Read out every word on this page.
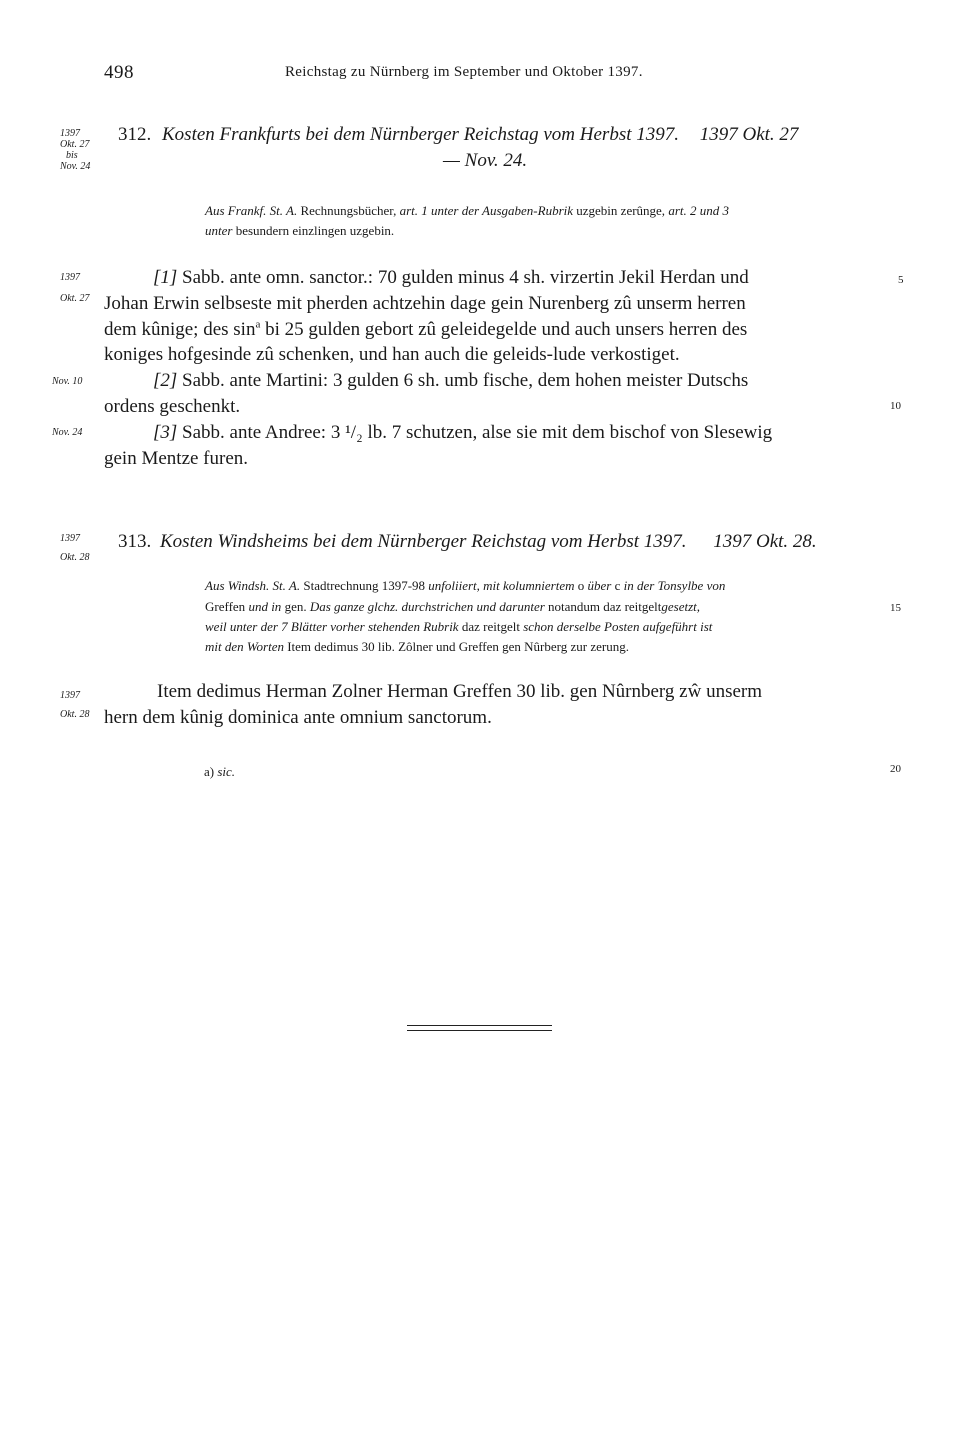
498	Reichstag zu Nürnberg im September und Oktober 1397.
1397
Okt. 27
bis
Nov. 24
312. Kosten Frankfurts bei dem Nürnberger Reichstag vom Herbst 1397. 1397 Okt. 27
— Nov. 24.
Aus Frankf. St. A. Rechnungsbücher, art. 1 unter der Ausgaben-Rubrik uzgebin zerûnge, art. 2 und 3
unter besundern einzlingen uzgebin.
1397
Okt. 27
[1] Sabb. ante omn. sanctor.: 70 gulden minus 4 sh. virzertin Jekil Herdan und
Johan Erwin selbseste mit pherden achtzehin dage gein Nurenberg zû unserm herren
dem kûnige; des $\sin^a$ bi 25 gulden gebort zû geleidegelde und auch unsers herren des
koniges hofgesinde zû schenken, und han auch die geleids-lude verkostiget.
Nov. 10	[2] Sabb. ante Martini: 3 gulden 6 sh. umb fische, dem hohen meister Dutschs
ordens geschenkt.
Nov. 24	[3] Sabb. ante Andree: 3 ¹/₂ lb. 7 schutzen, alse sie mit dem bischof von Slesewig
gein Mentze furen.
1397
Okt. 28
313. Kosten Windsheims bei dem Nürnberger Reichstag vom Herbst 1397. 1397 Okt. 28.
Aus Windsh. St. A. Stadtrechnung 1397-98 unfoliiert, mit kolumniertem o über c in der Tonsylbe von
Greffen und in gen. Das ganze glchz. durchstrichen und darunter notandum daz reitgeltgesetzt,
weil unter der 7 Blätter vorher stehenden Rubrik daz reitgelt schon derselbe Posten aufgeführt ist
mit den Worten Item dedimus 30 lib. Zôlner und Greffen gen Nûrberg zur zerung.
1397
Okt. 28
Item dedimus Herman Zolner Herman Greffen 30 lib. gen Nûrnberg zŵ unserm
hern dem kûnig dominica ante omnium sanctorum.
a) sic.
5
10
15
20
